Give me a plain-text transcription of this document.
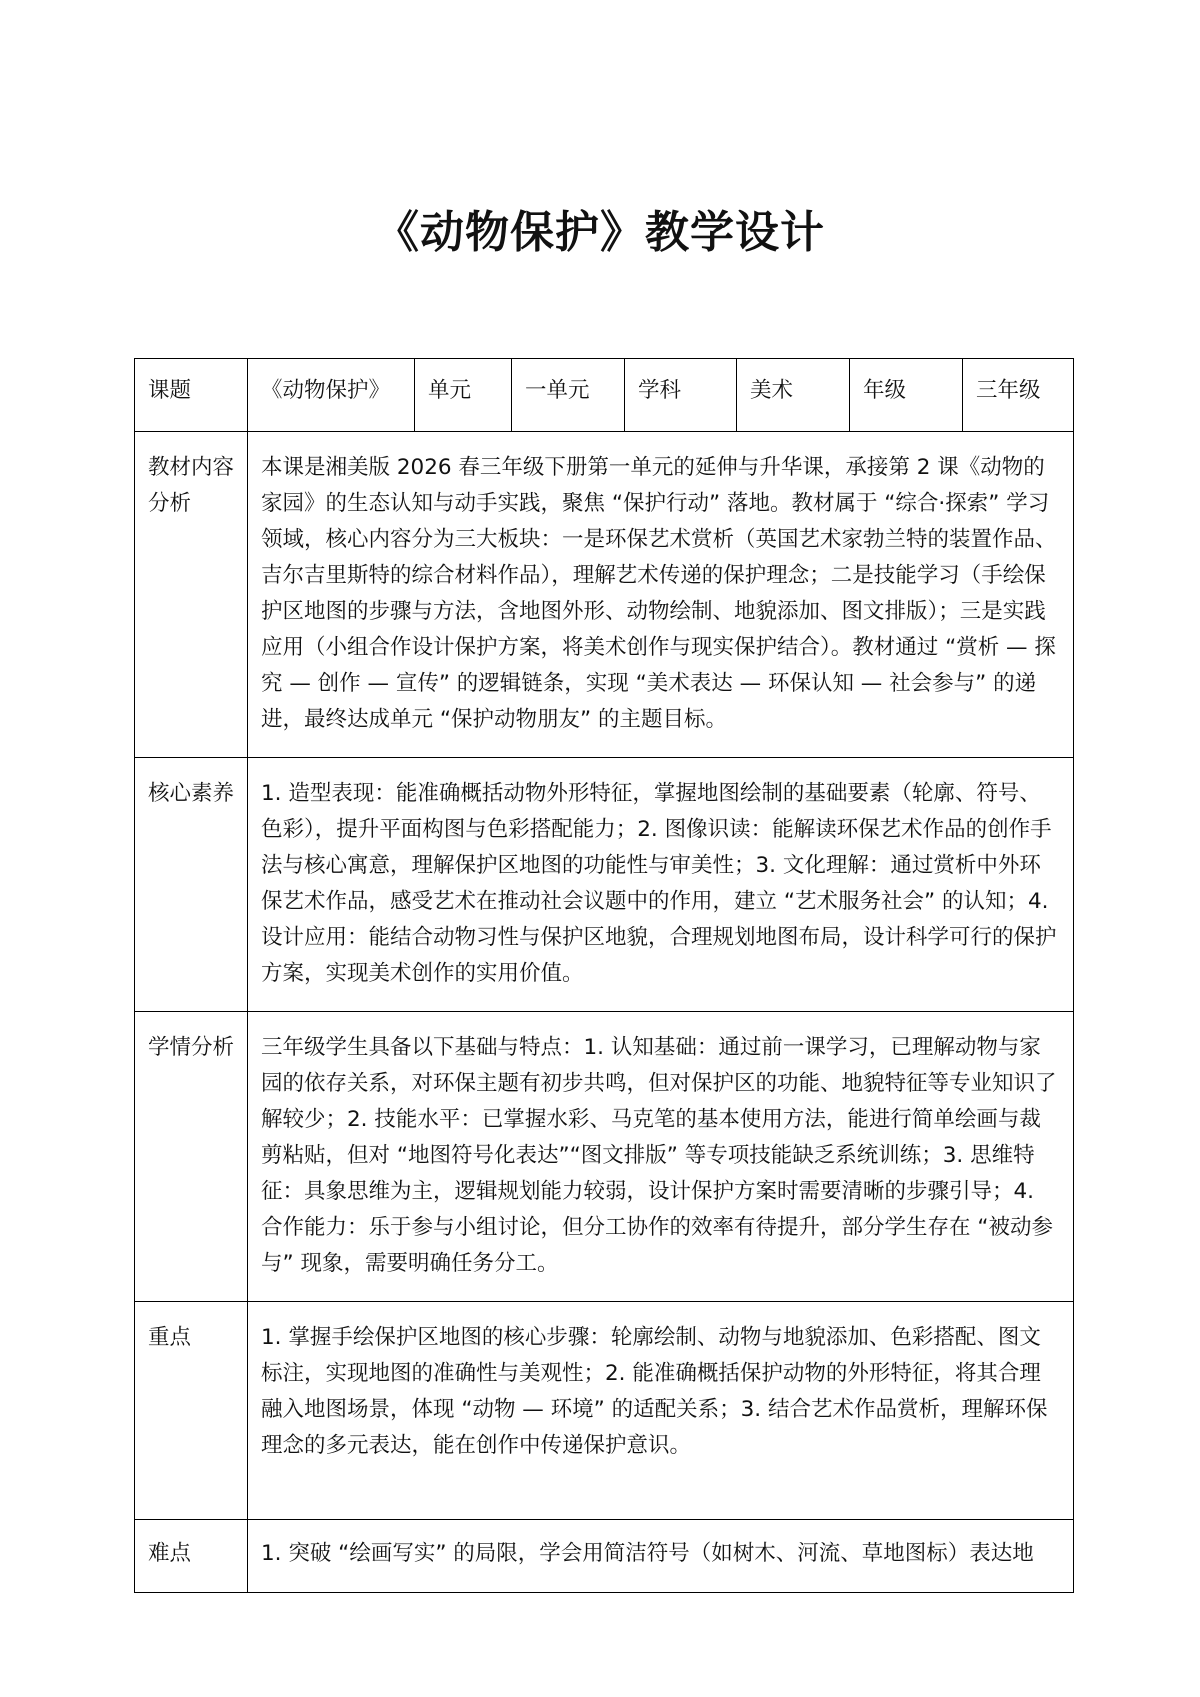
《动物保护》教学设计
课题	《动物保护》	单元	一单元	学科	美术	年级	三年级
教材内容分析	本课是湘美版 2026 春三年级下册第一单元的延伸与升华课，承接第 2 课《动物的家园》的生态认知与动手实践，聚焦 “保护行动” 落地。教材属于 “综合·探索” 学习领域，核心内容分为三大板块：一是环保艺术赏析（英国艺术家勃兰特的装置作品、吉尔吉里斯特的综合材料作品），理解艺术传递的保护理念；二是技能学习（手绘保护区地图的步骤与方法，含地图外形、动物绘制、地貌添加、图文排版）；三是实践应用（小组合作设计保护方案，将美术创作与现实保护结合）。教材通过 “赏析 — 探究 — 创作 — 宣传” 的逻辑链条，实现 “美术表达 — 环保认知 — 社会参与” 的递进，最终达成单元 “保护动物朋友” 的主题目标。						
核心素养	1. 造型表现：能准确概括动物外形特征，掌握地图绘制的基础要素（轮廓、符号、色彩），提升平面构图与色彩搭配能力；2. 图像识读：能解读环保艺术作品的创作手法与核心寓意，理解保护区地图的功能性与审美性；3. 文化理解：通过赏析中外环保艺术作品，感受艺术在推动社会议题中的作用，建立 “艺术服务社会” 的认知；4. 设计应用：能结合动物习性与保护区地貌，合理规划地图布局，设计科学可行的保护方案，实现美术创作的实用价值。						
学情分析	三年级学生具备以下基础与特点：1. 认知基础：通过前一课学习，已理解动物与家园的依存关系，对环保主题有初步共鸣，但对保护区的功能、地貌特征等专业知识了解较少；2. 技能水平：已掌握水彩、马克笔的基本使用方法，能进行简单绘画与裁剪粘贴，但对 “地图符号化表达”“图文排版” 等专项技能缺乏系统训练；3. 思维特征：具象思维为主，逻辑规划能力较弱，设计保护方案时需要清晰的步骤引导；4. 合作能力：乐于参与小组讨论，但分工协作的效率有待提升，部分学生存在 “被动参与” 现象，需要明确任务分工。						
重点	1. 掌握手绘保护区地图的核心步骤：轮廓绘制、动物与地貌添加、色彩搭配、图文标注，实现地图的准确性与美观性；2. 能准确概括保护动物的外形特征，将其合理融入地图场景，体现 “动物 — 环境” 的适配关系；3. 结合艺术作品赏析，理解环保理念的多元表达，能在创作中传递保护意识。						
难点	1. 突破 “绘画写实” 的局限，学会用简洁符号（如树木、河流、草地图标）表达地						
